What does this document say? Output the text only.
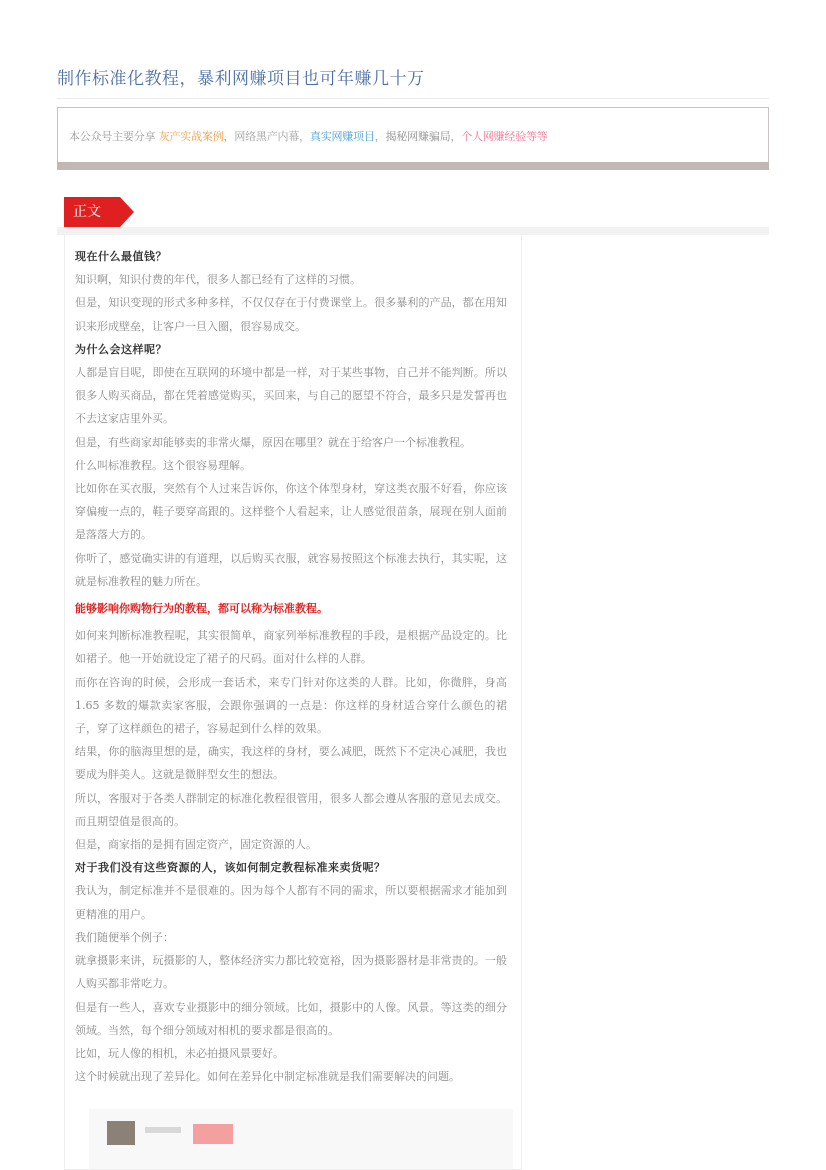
制作标准化教程，暴利网赚项目也可年赚几十万
本公众号主要分享 灰产实战案例，网络黑产内幕，真实网赚项目，揭秘网赚骗局，个人网赚经验等等
正文

现在什么最值钱？

知识啊，知识付费的年代，很多人都已经有了这样的习惯。

但是，知识变现的形式多种多样，不仅仅存在于付费课堂上。很多暴利的产品，都在用知识来形成壁垒，让客户一旦入圈，很容易成交。

为什么会这样呢？

人都是盲目呢，即使在互联网的环境中都是一样，对于某些事物，自己并不能判断。所以很多人购买商品，都在凭着感觉购买，买回来，与自己的愿望不符合，最多只是发誓再也不去这家店里外买。

但是，有些商家却能够卖的非常火爆，原因在哪里？就在于给客户一个标准教程。

什么叫标准教程。这个很容易理解。

比如你在买衣服，突然有个人过来告诉你，你这个体型身材，穿这类衣服不好看，你应该穿偏瘦一点的，鞋子要穿高跟的。这样整个人看起来，让人感觉很苗条，展现在别人面前是落落大方的。

你听了，感觉确实讲的有道理，以后购买衣服，就容易按照这个标准去执行，其实呢，这就是标准教程的魅力所在。

能够影响你购物行为的教程，都可以称为标准教程。

如何来判断标准教程呢，其实很简单，商家列举标准教程的手段，是根据产品设定的。比如裙子。他一开始就设定了裙子的尺码。面对什么样的人群。

而你在咨询的时候，会形成一套话术，来专门针对你这类的人群。比如，你微胖，身高1.65 多数的爆款卖家客服，会跟你强调的一点是：你这样的身材适合穿什么颜色的裙子，穿了这样颜色的裙子，容易起到什么样的效果。

结果，你的脑海里想的是，确实，我这样的身材，要么减肥，既然下不定决心减肥，我也要成为胖美人。这就是微胖型女生的想法。

所以，客服对于各类人群制定的标准化教程很管用，很多人都会遵从客服的意见去成交。而且期望值是很高的。

但是，商家指的是拥有固定资产，固定资源的人。

对于我们没有这些资源的人，该如何制定教程标准来卖货呢？

我认为，制定标准并不是很难的。因为每个人都有不同的需求，所以要根据需求才能加到更精准的用户。

我们随便举个例子：

就拿摄影来讲，玩摄影的人，整体经济实力都比较宽裕，因为摄影器材是非常贵的。一般人购买都非常吃力。

但是有一些人，喜欢专业摄影中的细分领域。比如，摄影中的人像。风景。等这类的细分领域。当然，每个细分领域对相机的要求都是很高的。

比如，玩人像的相机，未必拍摄风景要好。

这个时候就出现了差异化。如何在差异化中制定标准就是我们需要解决的问题。
